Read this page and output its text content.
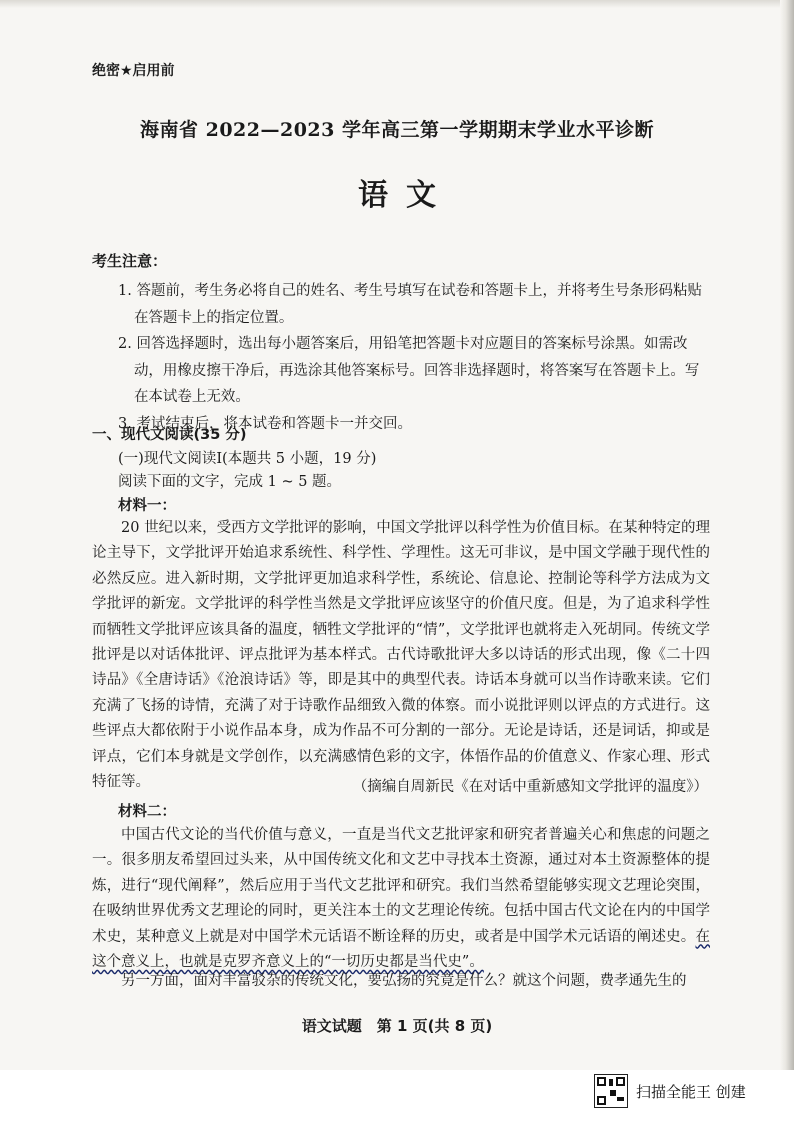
绝密★启用前
海南省 2022—2023 学年高三第一学期期末学业水平诊断
语文
考生注意：

1. 答题前，考生务必将自己的姓名、考生号填写在试卷和答题卡上，并将考生号条形码粘贴在答题卡上的指定位置。

2. 回答选择题时，选出每小题答案后，用铅笔把答题卡对应题目的答案标号涂黑。如需改动，用橡皮擦干净后，再选涂其他答案标号。回答非选择题时，将答案写在答题卡上。写在本试卷上无效。

3. 考试结束后，将本试卷和答题卡一并交回。

一、现代文阅读(35 分)
(一)现代文阅读Ⅰ(本题共 5 小题，19 分)
阅读下面的文字，完成 1 ~ 5 题。
材料一：

20 世纪以来，受西方文学批评的影响，中国文学批评以科学性为价值目标。在某种特定的理论主导下，文学批评开始追求系统性、科学性、学理性。这无可非议，是中国文学融于现代性的必然反应。进入新时期，文学批评更加追求科学性，系统论、信息论、控制论等科学方法成为文学批评的新宠。文学批评的科学性当然是文学批评应该坚守的价值尺度。但是，为了追求科学性而牺牲文学批评应该具备的温度，牺牲文学批评的“情”，文学批评也就将走入死胡同。传统文学批评是以对话体批评、评点批评为基本样式。古代诗歌批评大多以诗话的形式出现，像《二十四诗品》《全唐诗话》《沧浪诗话》等，即是其中的典型代表。诗话本身就可以当作诗歌来读。它们充满了飞扬的诗情，充满了对于诗歌作品细致入微的体察。而小说批评则以评点的方式进行。这些评点大都依附于小说作品本身，成为作品不可分割的一部分。无论是诗话，还是词话，抑或是评点，它们本身就是文学创作，以充满感情色彩的文字，体悟作品的价值意义、作家心理、形式特征等。	（摘编自周新民《在对话中重新感知文学批评的温度》）
材料二：

中国古代文论的当代价值与意义，一直是当代文艺批评家和研究者普遍关心和焦虑的问题之一。很多朋友希望回过头来，从中国传统文化和文艺中寻找本土资源，通过对本土资源整体的提炼，进行“现代阐释”，然后应用于当代文艺批评和研究。我们当然希望能够实现文艺理论突围，在吸纳世界优秀文艺理论的同时，更关注本土的文艺理论传统。包括中国古代文论在内的中国学术史，某种意义上就是对中国学术元话语不断诠释的历史，或者是中国学术元话语的阐述史。在这个意义上，也就是克罗齐意义上的“一切历史都是当代史”。

另一方面，面对丰富驳杂的传统文化，要弘扬的究竟是什么？就这个问题，费孝通先生的

语文试题　第 1 页(共 8 页)
扫描全能王 创建
